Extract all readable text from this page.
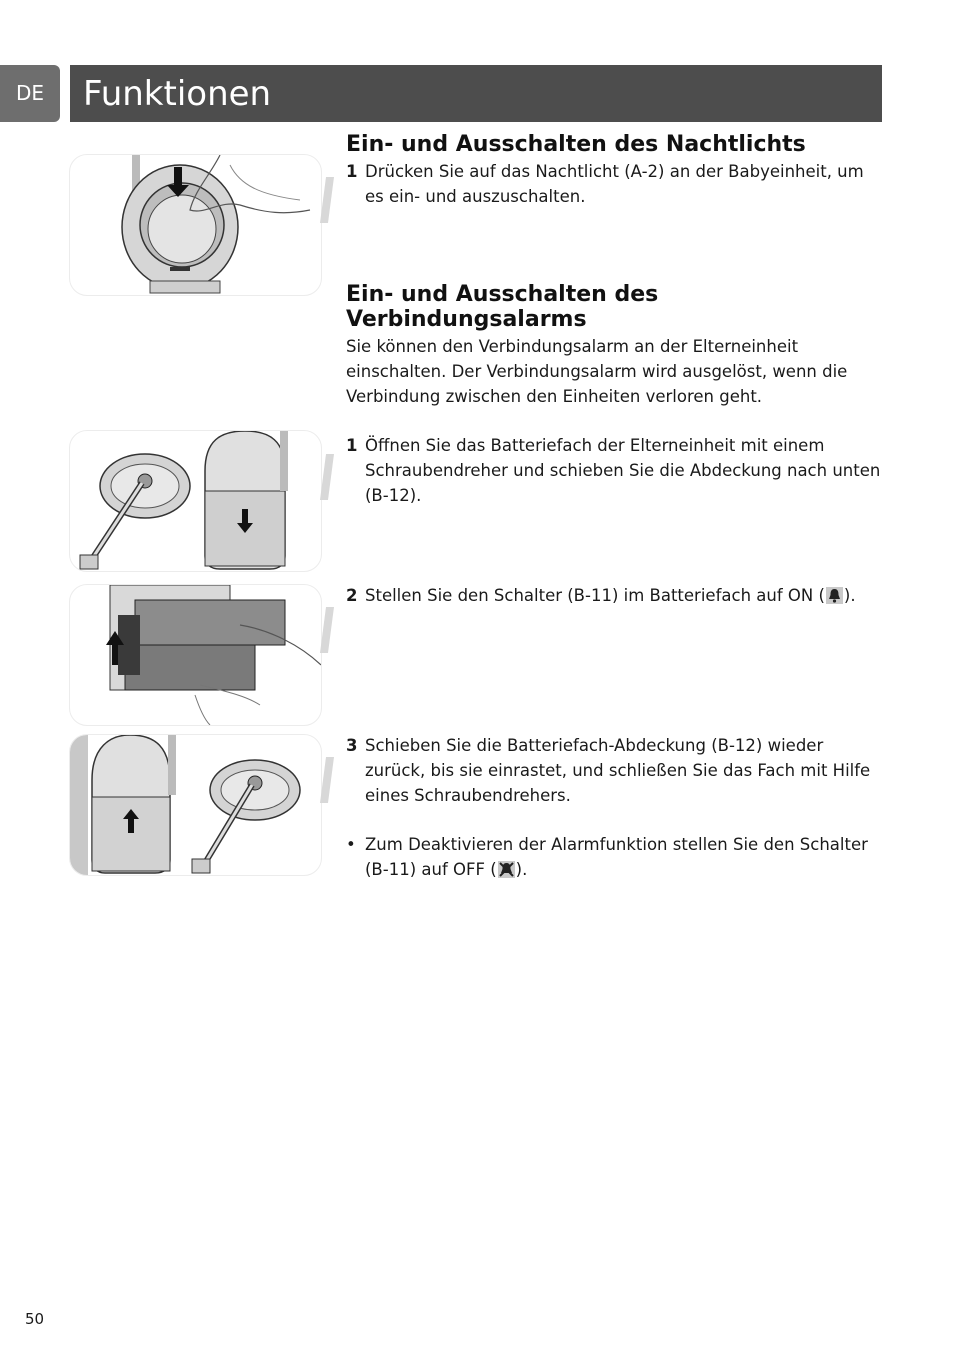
DE	Funktionen
Ein- und Ausschalten des Nachtlichts
1 Drücken Sie auf das Nachtlicht (A-2) an der Babyeinheit, um es ein- und auszuschalten.
Ein- und Ausschalten des
Verbindungsalarms

Sie können den Verbindungsalarm an der Elterneinheit einschalten. Der Verbindungsalarm wird ausgelöst, wenn die Verbindung zwischen den Einheiten verloren geht.

1 Öffnen Sie das Batteriefach der Elterneinheit mit einem Schraubendreher und schieben Sie die Abdeckung nach unten (B-12).
2 Stellen Sie den Schalter (B-11) im Batteriefach auf ON ( ).
3 Schieben Sie die Batteriefach-Abdeckung (B-12) wieder zurück, bis sie einrastet, und schließen Sie das Fach mit Hilfe eines Schraubendrehers.
• Zum Deaktivieren der Alarmfunktion stellen Sie den Schalter (B-11) auf OFF ( ).
50
